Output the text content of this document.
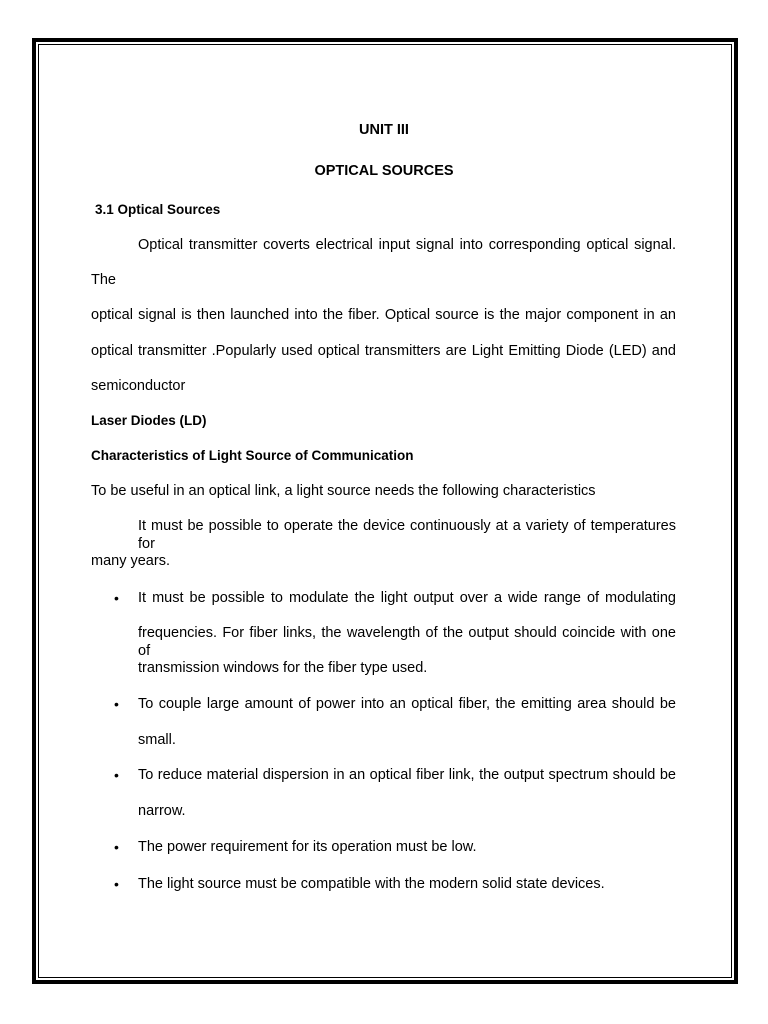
UNIT III
OPTICAL SOURCES
3.1 Optical Sources
Optical transmitter coverts electrical input signal into corresponding optical signal.
The
optical signal is then launched into the fiber. Optical source is the major component in an
optical transmitter .Popularly used optical transmitters are Light Emitting Diode (LED) and
semiconductor
Laser Diodes (LD)
Characteristics of Light Source of Communication
To be useful in an optical link, a light source needs the following characteristics
It must be possible to operate the device continuously at a variety of temperatures for
many years.
• It must be possible to modulate the light output over a wide range of modulating
frequencies. For fiber links, the wavelength of the output should coincide with one of
transmission windows for the fiber type used.
• To couple large amount of power into an optical fiber, the emitting area should be
small.
• To reduce material dispersion in an optical fiber link, the output spectrum should be
narrow.
• The power requirement for its operation must be low.
• The light source must be compatible with the modern solid state devices.
